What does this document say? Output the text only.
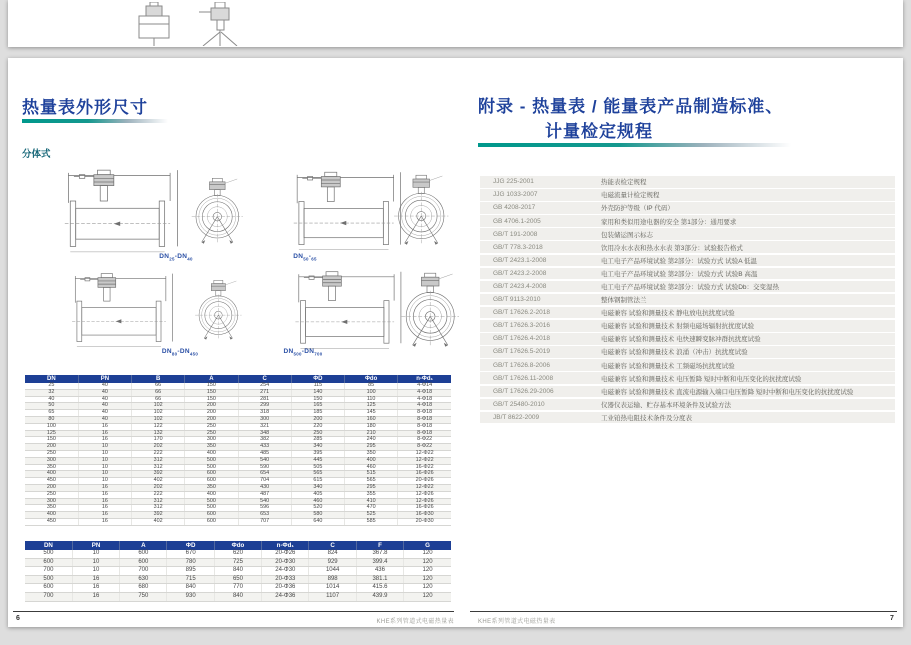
热量表外形尺寸
分体式
$DN_{25}-DN_{40}$	$DN_{50}-_{65}$
$DN_{80}-DN_{450}$	$DN_{500}-DN_{700}$
DN	PN	B	A	C	ΦD	Φdo	n-Φd₁
25	40	66	150	254	115	85	4-Φ14
32	40	66	150	271	140	100	4-Φ18
40	40	66	150	281	150	110	4-Φ18
50	40	102	200	299	165	125	4-Φ18
65	40	102	200	318	185	145	8-Φ18
80	40	102	200	300	200	160	8-Φ18
100	16	122	250	321	220	180	8-Φ18
125	16	132	250	348	250	210	8-Φ18
150	16	170	300	382	285	240	8-Φ22
200	10	202	350	433	340	295	8-Φ22
250	10	222	400	485	395	350	12-Φ22
300	10	312	500	540	445	400	12-Φ22
350	10	312	500	590	505	460	16-Φ22
400	10	392	600	654	565	515	16-Φ26
450	10	402	600	704	615	565	20-Φ26
200	16	202	350	430	340	295	12-Φ22
250	16	222	400	487	405	355	12-Φ26
300	16	312	500	540	460	410	12-Φ26
350	16	312	500	596	520	470	16-Φ26
400	16	392	600	653	580	525	16-Φ30
450	16	402	600	707	640	585	20-Φ30
DN	PN	A	ΦD	Φdo	n-Φd₁	C	F	G
500	10	600	670	620	20-Φ26	824	367.8	120
600	10	600	780	725	20-Φ30	929	399.4	120
700	10	700	895	840	24-Φ30	1044	436	120
500	16	630	715	650	20-Φ33	898	381.1	120
600	16	680	840	770	20-Φ36	1014	415.6	120
700	16	750	930	840	24-Φ36	1107	439.9	120
6	KHE系列管道式电磁热量表
附录 - 热量表 / 能量表产品制造标准、
计量检定规程
JJG 225-2001	热能表检定规程
JJG 1033-2007	电磁流量计检定规程
GB 4208-2017	外壳防护等级（IP 代码）
GB 4706.1-2005	家用和类似用途电器的安全 第1部分：通用要求
GB/T 191-2008	包装储运图示标志
GB/T 778.3-2018	饮用冷水水表和热水水表 第3部分：试验报告格式
GB/T 2423.1-2008	电工电子产品环境试验 第2部分：试验方式 试验A 低温
GB/T 2423.2-2008	电工电子产品环境试验 第2部分：试验方式 试验B 高温
GB/T 2423.4-2008	电工电子产品环境试验 第2部分：试验方式 试验Db：交变湿热
GB/T 9113-2010	整体钢制管法兰
GB/T 17626.2-2018	电磁兼容 试验和测量技术 静电放电抗扰度试验
GB/T 17626.3-2016	电磁兼容 试验和测量技术 射频电磁场辐射抗扰度试验
GB/T 17626.4-2018	电磁兼容 试验和测量技术 电快速瞬变脉冲群抗扰度试验
GB/T 17626.5-2019	电磁兼容 试验和测量技术 浪涌（冲击）抗扰度试验
GB/T 17626.8-2006	电磁兼容 试验和测量技术 工频磁场抗扰度试验
GB/T 17626.11-2008	电磁兼容 试验和测量技术 电压暂降 短时中断和电压变化的抗扰度试验
GB/T 17626.29-2006	电磁兼容 试验和测量技术 直流电源输入端口电压暂降 短时中断和电压变化的抗扰度试验
GB/T 25480-2010	仪器仪表运输、贮存基本环境条件及试验方法
JB/T 8622-2009	工业铂热电阻技术条件及分度表
KHE系列管道式电磁热量表	7
